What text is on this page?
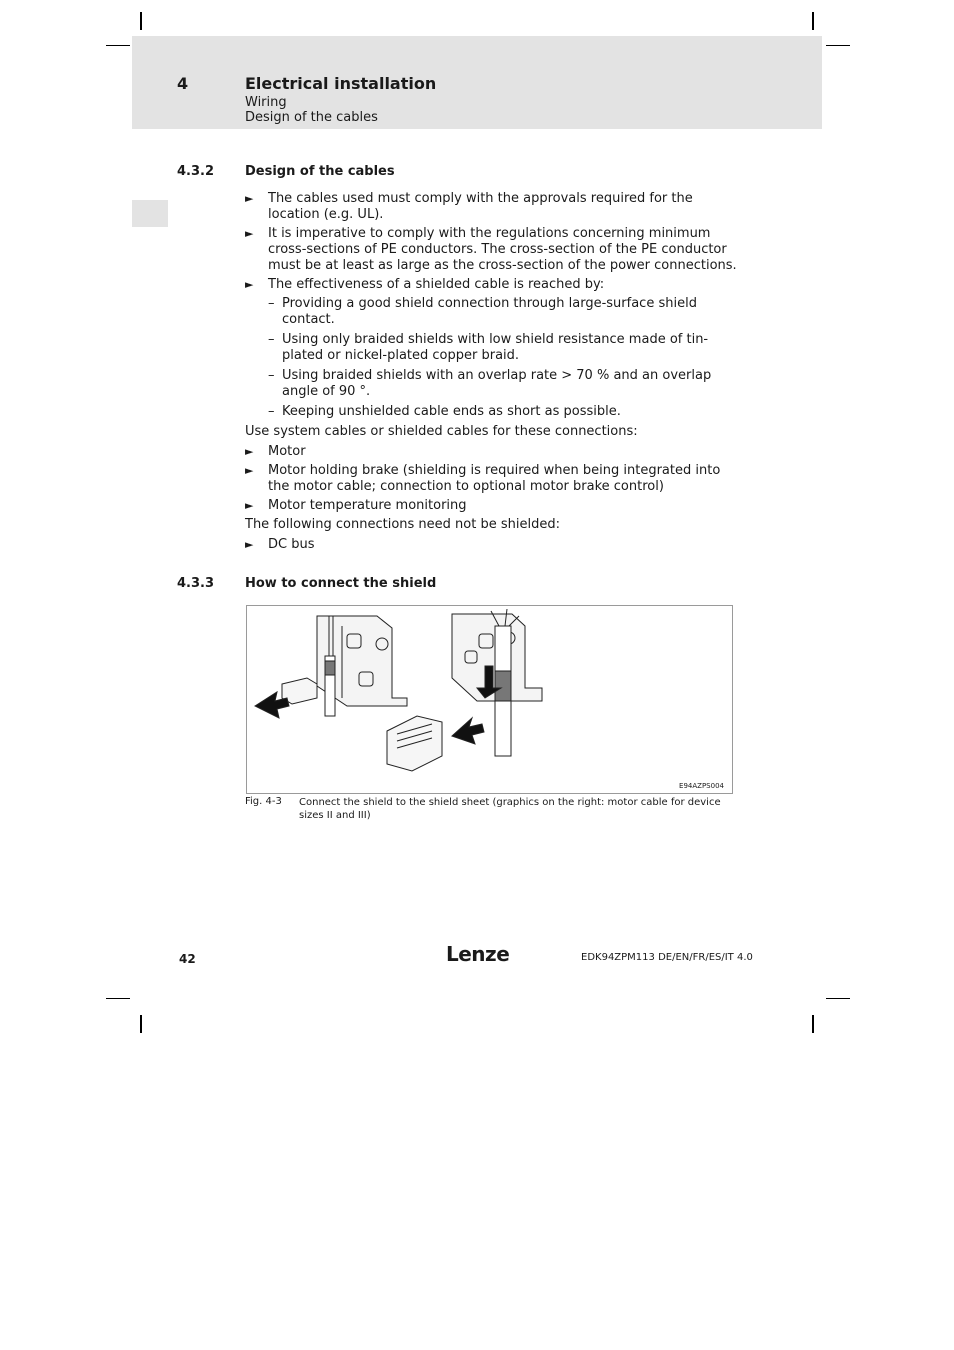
4	Electrical installation
Wiring
Design of the cables
4.3.2 Design of the cables
► The cables used must comply with the approvals required for the location (e.g. UL).
► It is imperative to comply with the regulations concerning minimum cross-sections of PE conductors. The cross-section of the PE conductor must be at least as large as the cross-section of the power connections.
► The effectiveness of a shielded cable is reached by:
– Providing a good shield connection through large-surface shield contact.
– Using only braided shields with low shield resistance made of tin-plated or nickel-plated copper braid.
– Using braided shields with an overlap rate > 70 % and an overlap angle of 90 °.
– Keeping unshielded cable ends as short as possible.

Use system cables or shielded cables for these connections:

► Motor
► Motor holding brake (shielding is required when being integrated into the motor cable; connection to optional motor brake control)
► Motor temperature monitoring

The following connections need not be shielded:

► DC bus
4.3.3 How to connect the shield
E94AZPS004
Fig. 4-3 Connect the shield to the shield sheet (graphics on the right: motor cable for device sizes II and III)
42	Lenze	EDK94ZPM113 DE/EN/FR/ES/IT 4.0
